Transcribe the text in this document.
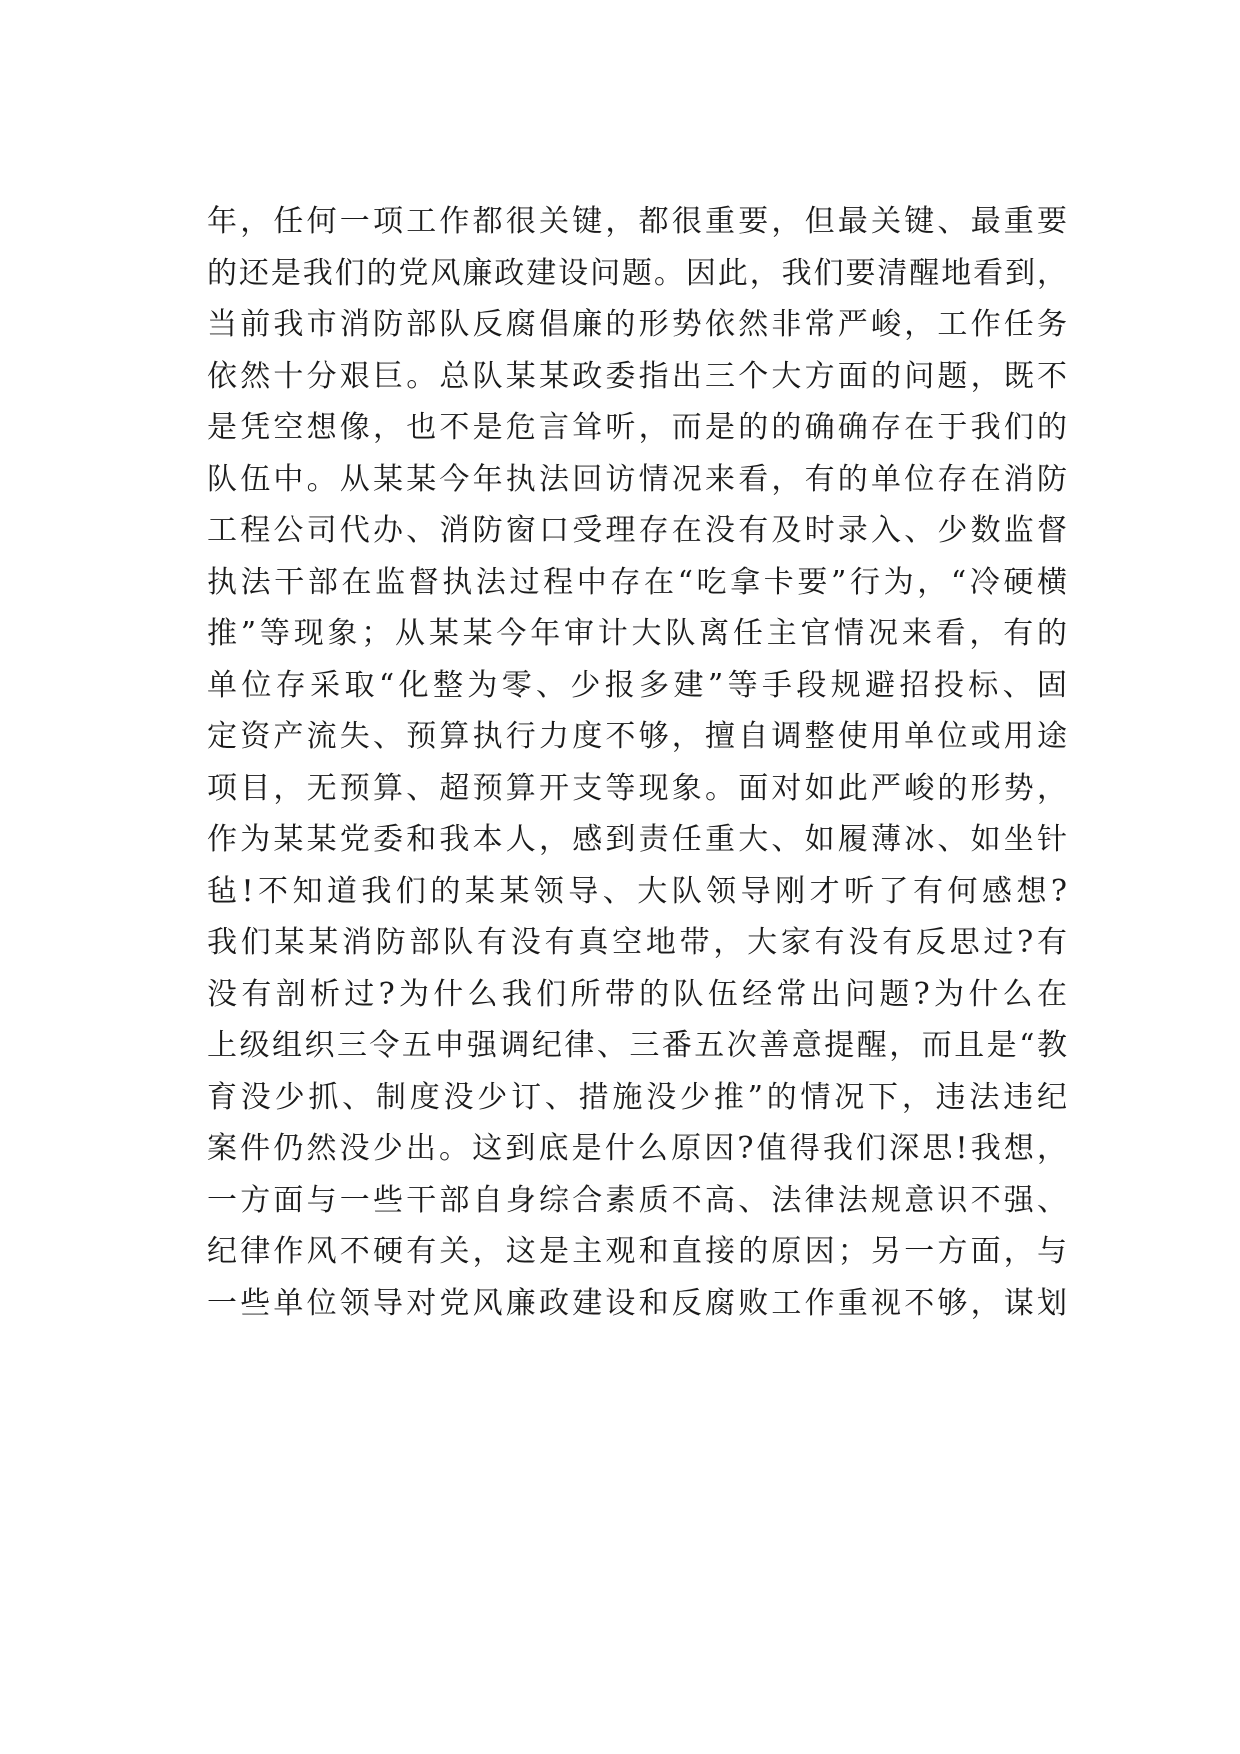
年，任何一项工作都很关键，都很重要，但最关键、最重要
的还是我们的党风廉政建设问题。因此，我们要清醒地看到，
当前我市消防部队反腐倡廉的形势依然非常严峻，工作任务
依然十分艰巨。总队某某政委指出三个大方面的问题，既不
是凭空想像，也不是危言耸听，而是的的确确存在于我们的
队伍中。从某某今年执法回访情况来看，有的单位存在消防
工程公司代办、消防窗口受理存在没有及时录入、少数监督
执法干部在监督执法过程中存在“吃拿卡要”行为，“冷硬横
推”等现象；从某某今年审计大队离任主官情况来看，有的
单位存采取“化整为零、少报多建”等手段规避招投标、固
定资产流失、预算执行力度不够，擅自调整使用单位或用途
项目，无预算、超预算开支等现象。面对如此严峻的形势，
作为某某党委和我本人，感到责任重大、如履薄冰、如坐针
毡!不知道我们的某某领导、大队领导刚才听了有何感想?
我们某某消防部队有没有真空地带，大家有没有反思过?有
没有剖析过?为什么我们所带的队伍经常出问题?为什么在
上级组织三令五申强调纪律、三番五次善意提醒，而且是“教
育没少抓、制度没少订、措施没少推”的情况下，违法违纪
案件仍然没少出。这到底是什么原因?值得我们深思!我想，
一方面与一些干部自身综合素质不高、法律法规意识不强、
纪律作风不硬有关，这是主观和直接的原因；另一方面，与
一些单位领导对党风廉政建设和反腐败工作重视不够，谋划
